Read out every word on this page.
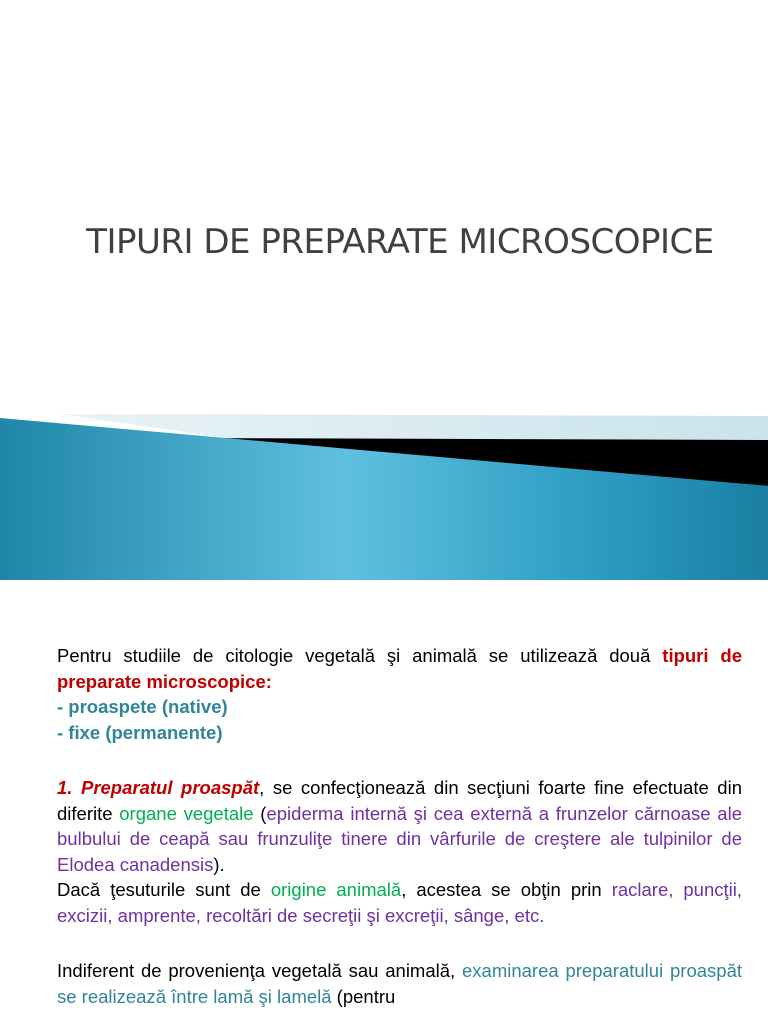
TIPURI DE PREPARATE MICROSCOPICE

Pentru studiile de citologie vegetală şi animală se utilizează două tipuri de preparate microscopice:

- proaspete (native)

- fixe (permanente)

1. Preparatul proaspăt, se confecţionează din secţiuni foarte fine efectuate din diferite organe vegetale (epiderma internă şi cea externă a frunzelor cărnoase ale bulbului de ceapă sau frunzuliţe tinere din vârfurile de creştere ale tulpinilor de Elodea canadensis).

Dacă ţesuturile sunt de origine animală, acestea se obţin prin raclare, puncţii, excizii, amprente, recoltări de secreţii şi excreţii, sânge, etc.

Indiferent de provenienţa vegetală sau animală, examinarea preparatului proaspăt se realizează între lamă şi lamelă (pentru
